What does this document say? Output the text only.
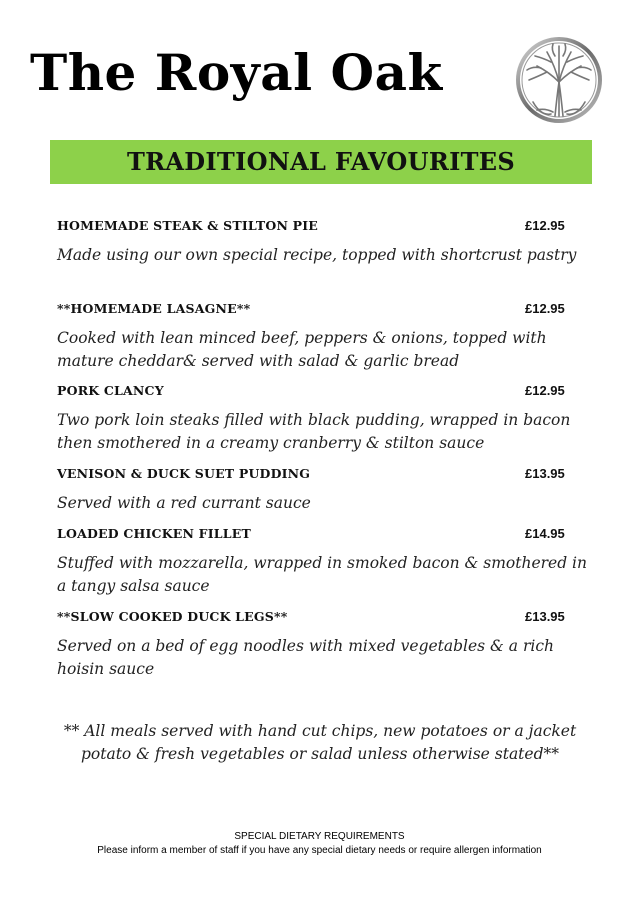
The Royal Oak
TRADITIONAL FAVOURITES
HOMEMADE STEAK & STILTON PIE	£12.95
Made using our own special recipe, topped with shortcrust pastry
**HOMEMADE LASAGNE**	£12.95
Cooked with lean minced beef, peppers & onions, topped with mature cheddar& served with salad & garlic bread
PORK CLANCY	£12.95
Two pork loin steaks filled with black pudding, wrapped in bacon then smothered in a creamy cranberry & stilton sauce
VENISON & DUCK SUET PUDDING	£13.95
Served with a red currant sauce
LOADED CHICKEN FILLET	£14.95
Stuffed with mozzarella, wrapped in smoked bacon & smothered in a tangy salsa sauce
**SLOW COOKED DUCK LEGS**	£13.95
Served on a bed of egg noodles with mixed vegetables & a rich hoisin sauce
** All meals served with hand cut chips, new potatoes or a jacket potato & fresh vegetables or salad unless otherwise stated**
SPECIAL DIETARY REQUIREMENTS
Please inform a member of staff if you have any special dietary needs or require allergen information
